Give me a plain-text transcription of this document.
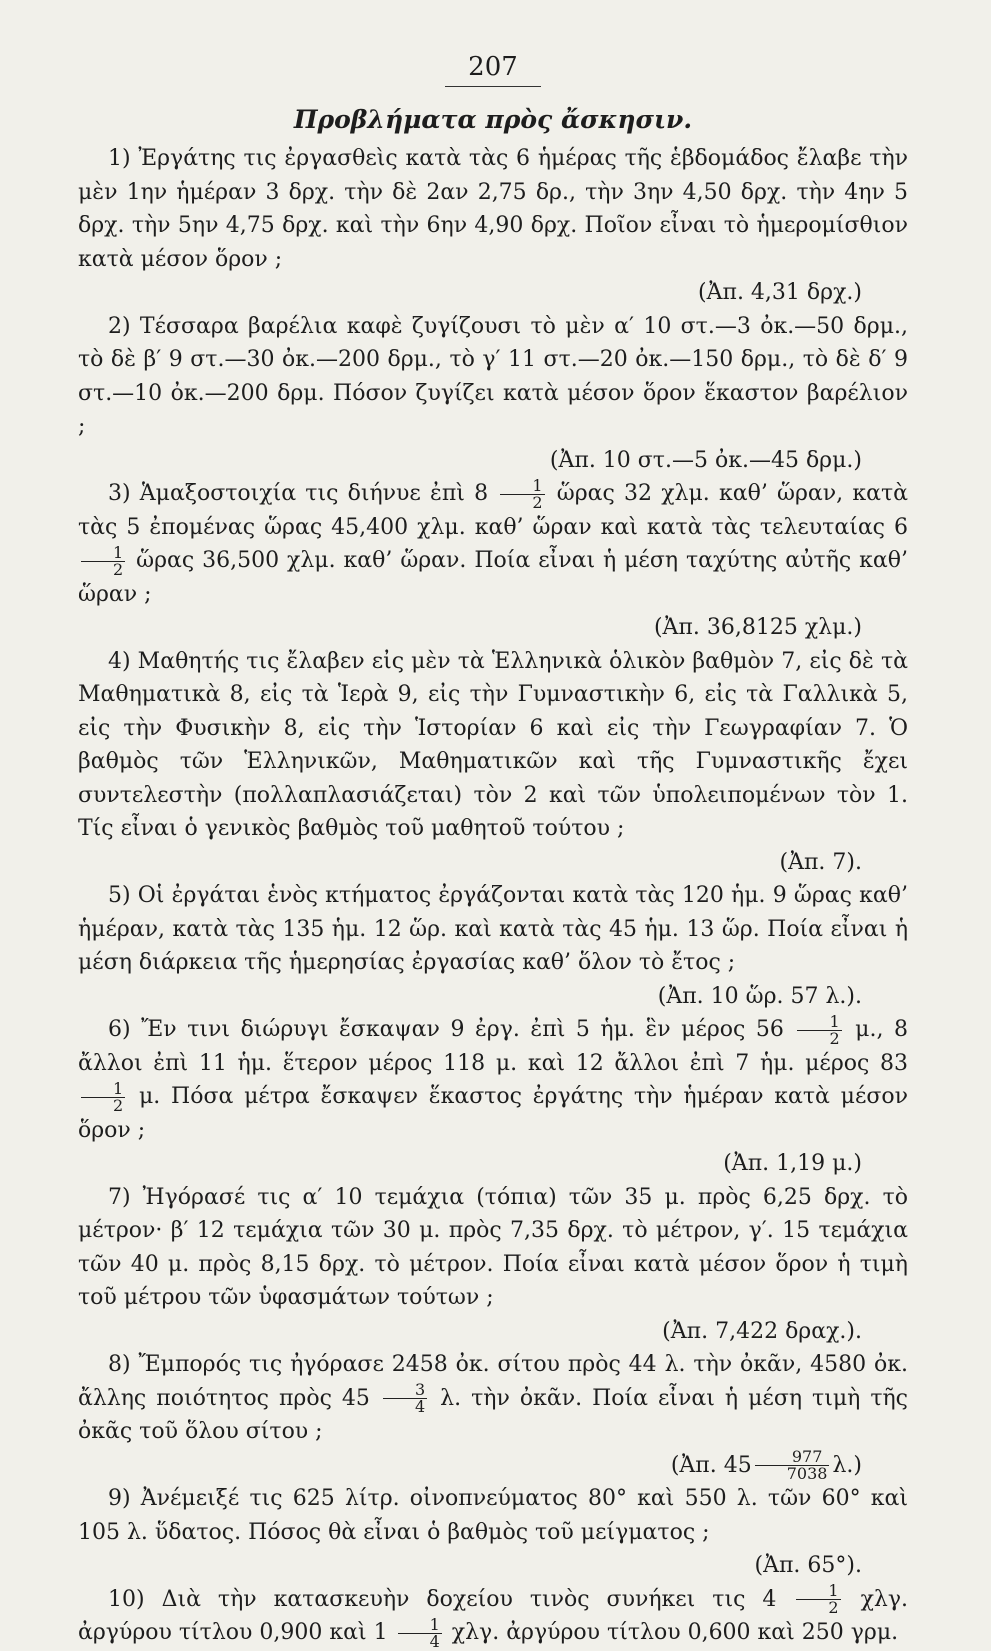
207
Προβλήματα πρὸς ἄσκησιν.

1) Ἐργάτης τις ἐργασθεὶς κατὰ τὰς 6 ἡμέρας τῆς ἑβδομάδος ἔλαβε τὴν μὲν 1ην ἡμέραν 3 δρχ. τὴν δὲ 2αν 2,75 δρ., τὴν 3ην 4,50 δρχ. τὴν 4ην 5 δρχ. τὴν 5ην 4,75 δρχ. καὶ τὴν 6ην 4,90 δρχ. Ποῖον εἶναι τὸ ἡμερομίσθιον κατὰ μέσον ὅρον ;
(Ἀπ. 4,31 δρχ.)

2) Τέσσαρα βαρέλια καφὲ ζυγίζουσι τὸ μὲν α′ 10 στ.—3 ὀκ.—50 δρμ., τὸ δὲ β′ 9 στ.—30 ὀκ.—200 δρμ., τὸ γ′ 11 στ.—20 ὀκ.—150 δρμ., τὸ δὲ δ′ 9 στ.—10 ὀκ.—200 δρμ. Πόσον ζυγίζει κατὰ μέσον ὅρον ἕκαστον βαρέλιον ;
(Ἀπ. 10 στ.—5 ὀκ.—45 δρμ.)

3) Ἁμαξοστοιχία τις διήνυε ἐπὶ $8 \frac{1}{2}$ ὥρας 32 χλμ. καθ’ ὥραν, κατὰ τὰς 5 ἐπομένας ὥρας 45,400 χλμ. καθ’ ὥραν καὶ κατὰ τὰς τελευταίας 6
$\frac{1}{2}$ ὥρας 36,500 χλμ. καθ’ ὥραν. Ποία εἶναι ἡ μέση ταχύτης αὐτῆς καθ’ ὥραν ;
(Ἀπ. 36,8125 χλμ.)

4) Μαθητής τις ἔλαβεν εἰς μὲν τὰ Ἑλληνικὰ ὁλικὸν βαθμὸν 7, εἰς δὲ τὰ Μαθηματικὰ 8, εἰς τὰ Ἱερὰ 9, εἰς τὴν Γυμναστικὴν 6, εἰς τὰ Γαλλικὰ 5, εἰς τὴν Φυσικὴν 8, εἰς τὴν Ἱστορίαν 6 καὶ εἰς τὴν Γεωγραφίαν 7. Ὁ βαθμὸς τῶν Ἑλληνικῶν, Μαθηματικῶν καὶ τῆς Γυμναστικῆς ἔχει συντελεστὴν (πολλαπλασιάζεται) τὸν 2 καὶ τῶν ὑπολειπομένων τὸν 1. Τίς εἶναι ὁ γενικὸς βαθμὸς τοῦ μαθητοῦ τούτου ;
(Ἀπ. 7).

5) Οἱ ἐργάται ἑνὸς κτήματος ἐργάζονται κατὰ τὰς 120 ἡμ. 9 ὥρας καθ’ ἡμέραν, κατὰ τὰς 135 ἡμ. 12 ὥρ. καὶ κατὰ τὰς 45 ἡμ. 13 ὥρ. Ποία εἶναι ἡ μέση διάρκεια τῆς ἡμερησίας ἐργασίας καθ’ ὅλον τὸ ἔτος ;
(Ἀπ. 10 ὥρ. 57 λ.).

6) Ἔν τινι διώρυγι ἔσκαψαν 9 ἐργ. ἐπὶ 5 ἡμ. ἓν μέρος $56 \frac{1}{2} \mu$., 8 ἄλλοι ἐπὶ 11 ἡμ. ἕτερον μέρος 118 μ. καὶ 12 ἄλλοι ἐπὶ 7 ἡμ. μέρος 83
$\frac{1}{2} \mu$. Πόσα μέτρα ἔσκαψεν ἕκαστος ἐργάτης τὴν ἡμέραν κατὰ μέσον ὅρον ;
(Ἀπ. 1,19 μ.)

7) Ἠγόρασέ τις α′ 10 τεμάχια (τόπια) τῶν 35 μ. πρὸς 6,25 δρχ. τὸ μέτρον· β′ 12 τεμάχια τῶν 30 μ. πρὸς 7,35 δρχ. τὸ μέτρον, γ′. 15 τεμάχια τῶν 40 μ. πρὸς 8,15 δρχ. τὸ μέτρον. Ποία εἶναι κατὰ μέσον ὅρον ἡ τιμὴ τοῦ μέτρου τῶν ὑφασμάτων τούτων ;
(Ἀπ. 7,422 δραχ.).

8) Ἔμπορός τις ἠγόρασε 2458 ὀκ. σίτου πρὸς 44 λ. τὴν ὀκᾶν, 4580 ὀκ. ἄλλης ποιότητος πρὸς $45 \frac{3}{4} \lambda$. τὴν ὀκᾶν. Ποία εἶναι ἡ μέση τιμὴ τῆς ὀκᾶς τοῦ ὅλου σίτου ;
(Ἀπ. $45 \frac{977}{7038} \lambda$.)

9) Ἀνέμειξέ τις 625 λίτρ. οἰνοπνεύματος 80° καὶ 550 λ. τῶν 60° καὶ 105 λ. ὕδατος. Πόσος θὰ εἶναι ὁ βαθμὸς τοῦ μείγματος ;
(Ἀπ. 65°).

10) Διὰ τὴν κατασκευὴν δοχείου τινὸς συνήκει τις $4 \frac{1}{2} \chi\lambda\gamma$. ἀργύρου τίτλου 0,900 καὶ $1 \frac{1}{4} \chi\lambda\gamma$. ἀργύρου τίτλου 0,600 καὶ 250 γρμ.
